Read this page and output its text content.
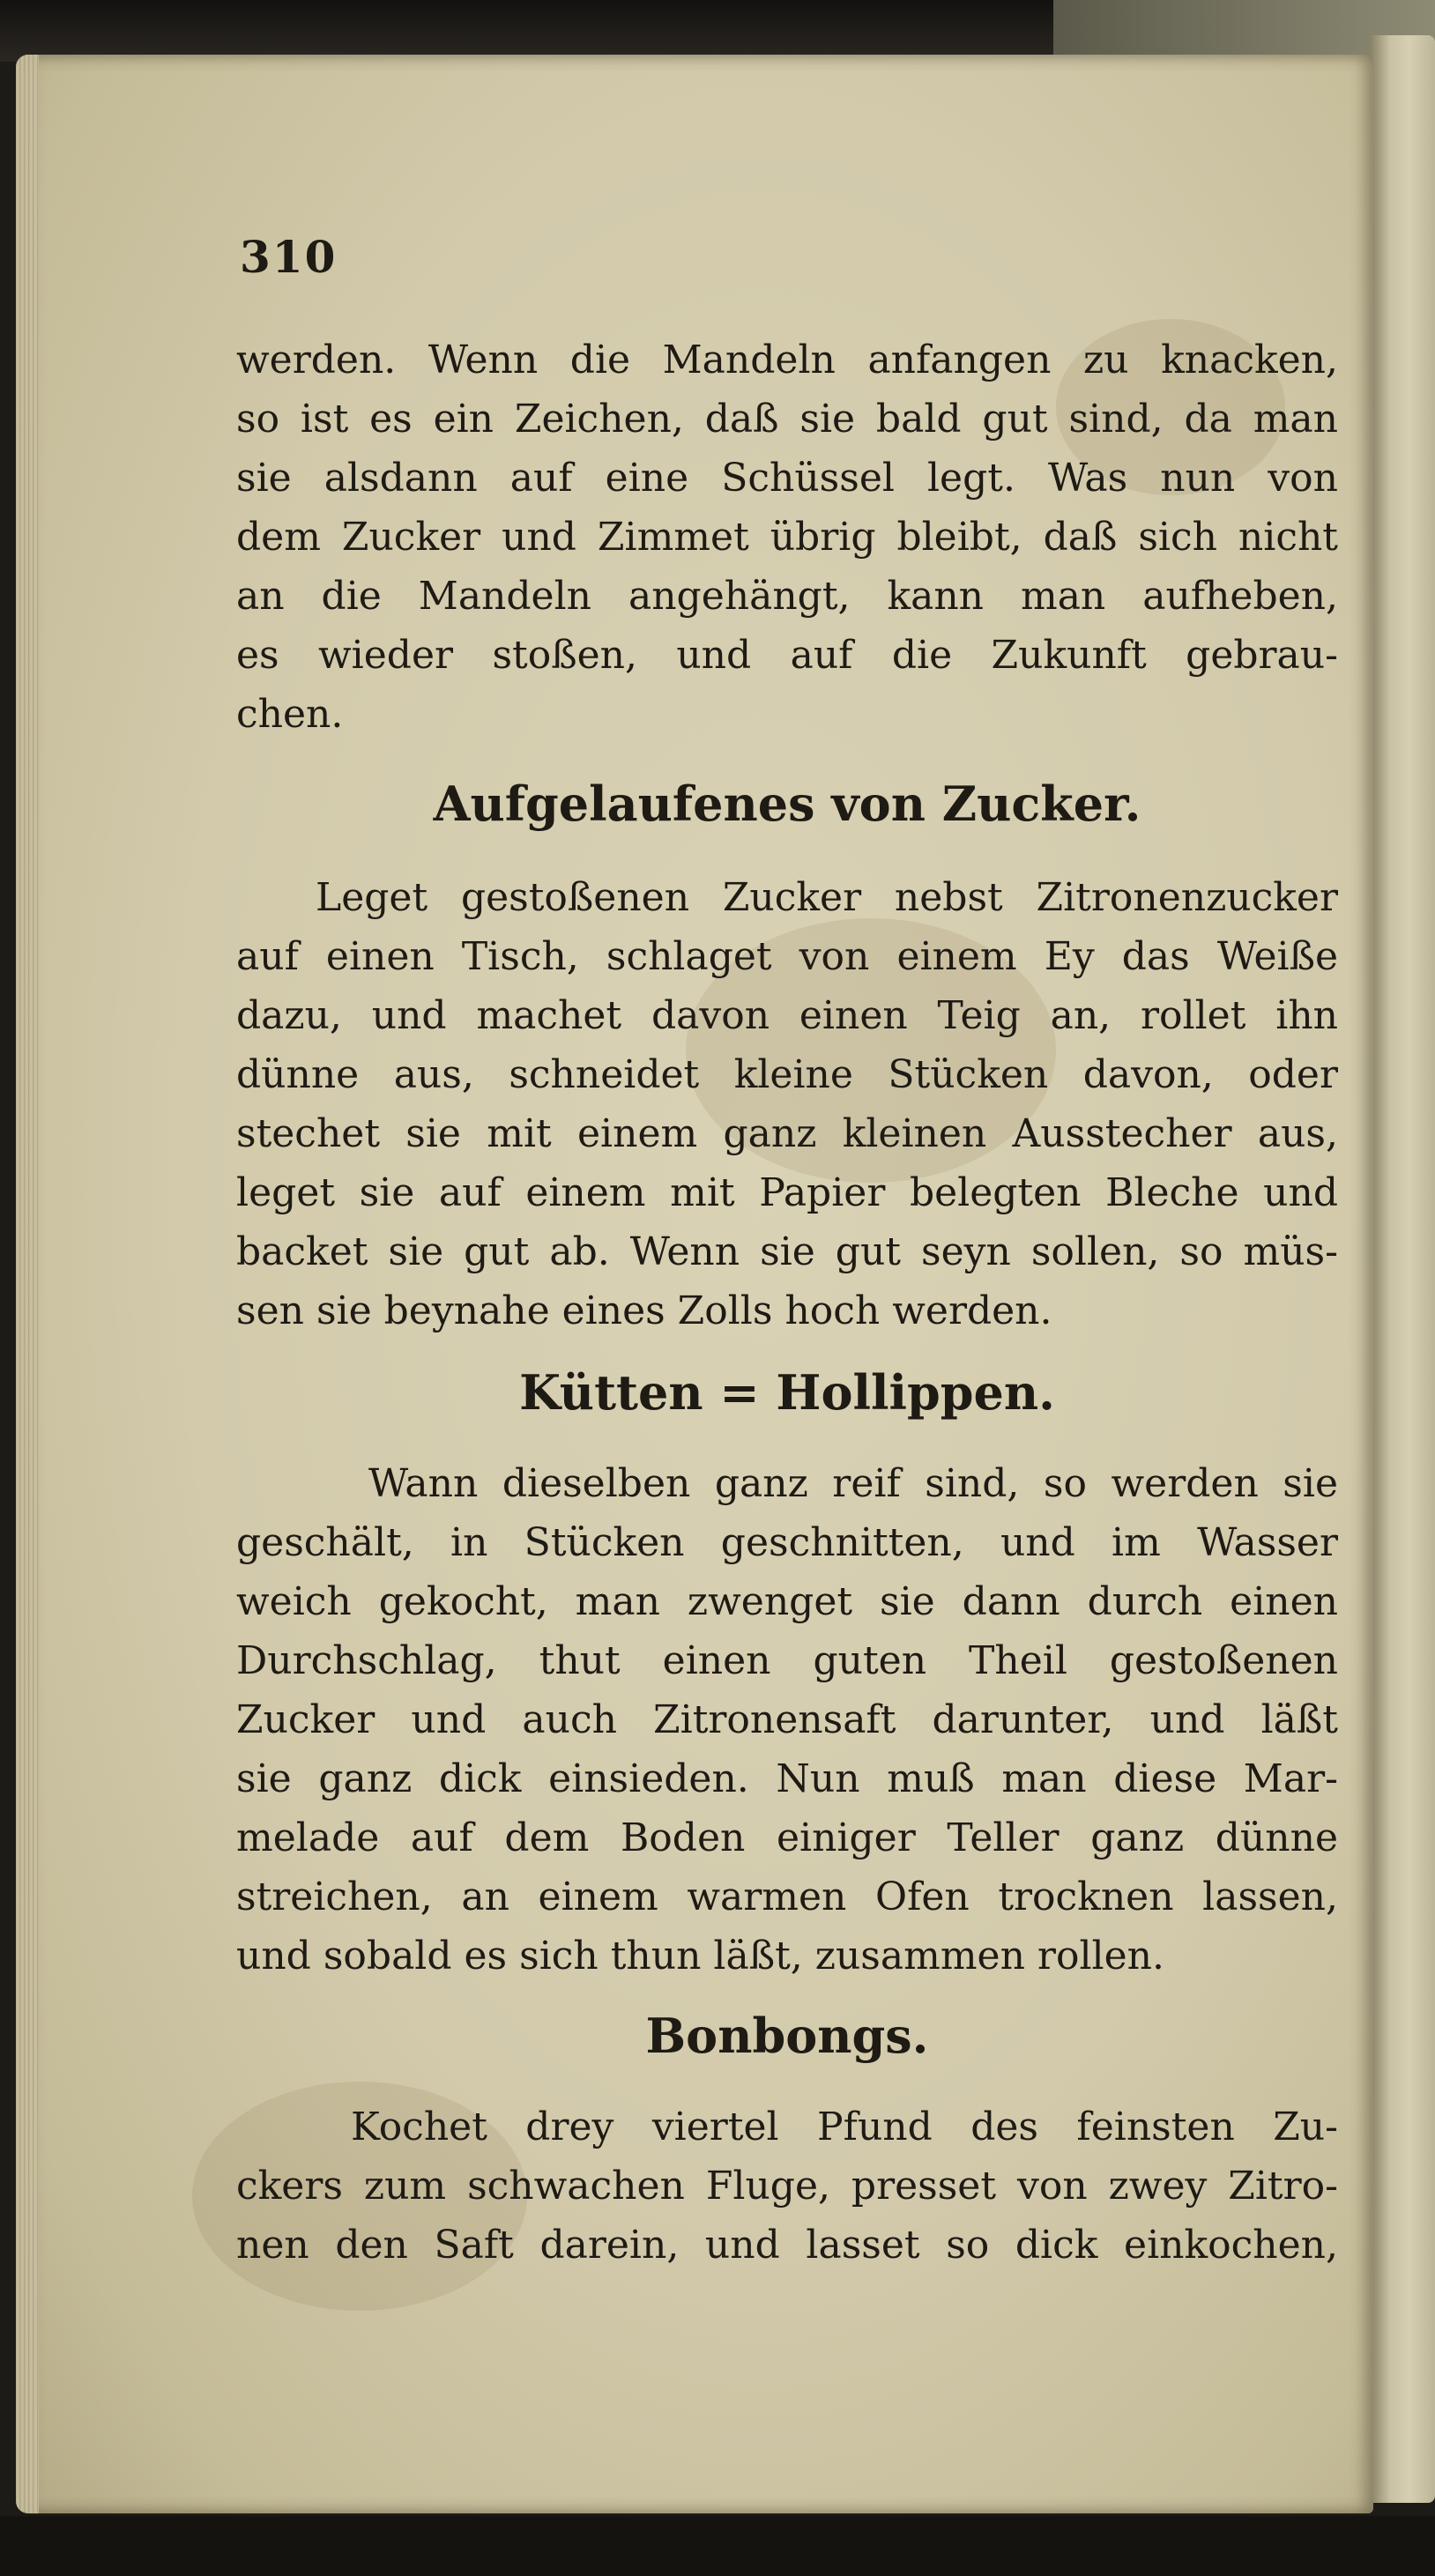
310
werden. Wenn die Mandeln anfangen zu knacken,
so ist es ein Zeichen, daß sie bald gut sind, da man
sie alsdann auf eine Schüssel legt. Was nun von
dem Zucker und Zimmet übrig bleibt, daß sich nicht
an die Mandeln angehängt, kann man aufheben,
es wieder stoßen, und auf die Zukunft gebrau-
chen.
Aufgelaufenes von Zucker.
Leget gestoßenen Zucker nebst Zitronenzucker
auf einen Tisch, schlaget von einem Ey das Weiße
dazu, und machet davon einen Teig an, rollet ihn
dünne aus, schneidet kleine Stücken davon, oder
stechet sie mit einem ganz kleinen Ausstecher aus,
leget sie auf einem mit Papier belegten Bleche und
backet sie gut ab. Wenn sie gut seyn sollen, so müs-
sen sie beynahe eines Zolls hoch werden.
Kütten = Hollippen.
Wann dieselben ganz reif sind, so werden sie
geschält, in Stücken geschnitten, und im Wasser
weich gekocht, man zwenget sie dann durch einen
Durchschlag, thut einen guten Theil gestoßenen
Zucker und auch Zitronensaft darunter, und läßt
sie ganz dick einsieden. Nun muß man diese Mar-
melade auf dem Boden einiger Teller ganz dünne
streichen, an einem warmen Ofen trocknen lassen,
und sobald es sich thun läßt, zusammen rollen.
Bonbongs.
Kochet drey viertel Pfund des feinsten Zu-
ckers zum schwachen Fluge, presset von zwey Zitro-
nen den Saft darein, und lasset so dick einkochen,
